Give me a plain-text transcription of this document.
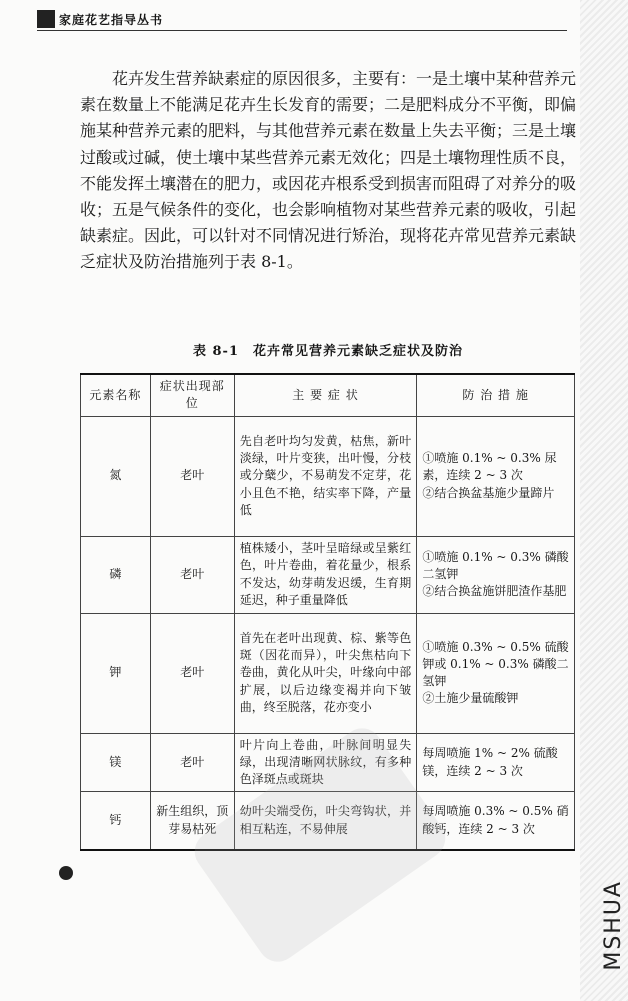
家庭花艺指导丛书
花卉发生营养缺素症的原因很多，主要有：一是土壤中某种营养元素在数量上不能满足花卉生长发育的需要；二是肥料成分不平衡，即偏施某种营养元素的肥料，与其他营养元素在数量上失去平衡；三是土壤过酸或过碱，使土壤中某些营养元素无效化；四是土壤物理性质不良，不能发挥土壤潜在的肥力，或因花卉根系受到损害而阻碍了对养分的吸收；五是气候条件的变化，也会影响植物对某些营养元素的吸收，引起缺素症。因此，可以针对不同情况进行矫治，现将花卉常见营养元素缺乏症状及防治措施列于表 8-1。
表 8-1　花卉常见营养元素缺乏症状及防治
元素名称	症状出现部位	主 要 症 状	防 治 措 施
氮	老叶	先自老叶均匀发黄，枯焦，新叶淡绿，叶片变狭，出叶慢，分枝或分蘖少，不易萌发不定芽，花小且色不艳，结实率下降，产量低	①喷施 0.1% ~ 0.3% 尿素，连续 2 ~ 3 次
②结合换盆基施少量蹄片

磷	老叶	植株矮小，茎叶呈暗绿或呈紫红色，叶片卷曲，着花量少，根系不发达，幼芽萌发迟缓，生育期延迟，种子重量降低	①喷施 0.1% ~ 0.3% 磷酸二氢钾
②结合换盆施饼肥渣作基肥

钾	老叶	首先在老叶出现黄、棕、紫等色斑（因花而异），叶尖焦枯向下卷曲，黄化从叶尖，叶缘向中部扩展，以后边缘变褐并向下皱曲，终至脱落，花亦变小	①喷施 0.3% ~ 0.5% 硫酸钾或 0.1% ~ 0.3% 磷酸二氢钾
②土施少量硫酸钾

镁	老叶	叶片向上卷曲，叶脉间明显失绿，出现清晰网状脉纹，有多种色泽斑点或斑块	每周喷施 1% ~ 2% 硫酸镁，连续 2 ~ 3 次

钙	新生组织，顶芽易枯死	幼叶尖端受伤，叶尖弯钩状，并相互粘连，不易伸展	每周喷施 0.3% ~ 0.5% 硝酸钙，连续 2 ~ 3 次
MSHUA
